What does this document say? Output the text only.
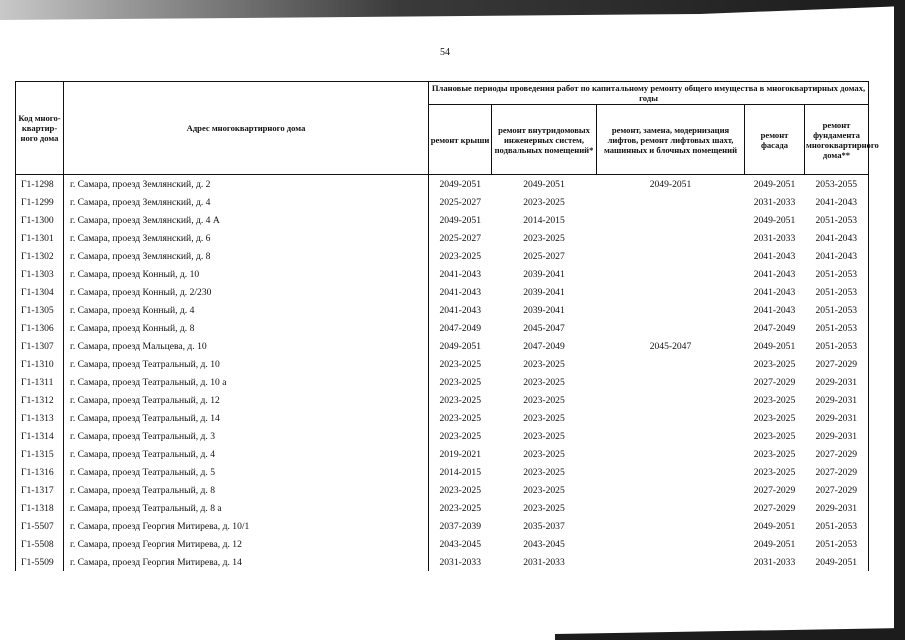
54
Код много-квартир-ного дома	Адрес многоквартирного дома	Плановые периоды проведения работ по капитальному ремонту общего имущества в многоквартирных домах, годы				
		ремонт крыши	ремонт внутридомовых инженерных систем, подвальных помещений*	ремонт, замена, модернизация лифтов, ремонт лифтовых шахт, машинных и блочных помещений	ремонт фасада	ремонт фундамента многоквартирного дома**
Г1-1298	г. Самара, проезд Землянский, д. 2	2049-2051	2049-2051	2049-2051	2049-2051	2053-2055
Г1-1299	г. Самара, проезд Землянский, д. 4	2025-2027	2023-2025		2031-2033	2041-2043
Г1-1300	г. Самара, проезд Землянский, д. 4 А	2049-2051	2014-2015		2049-2051	2051-2053
Г1-1301	г. Самара, проезд Землянский, д. 6	2025-2027	2023-2025		2031-2033	2041-2043
Г1-1302	г. Самара, проезд Землянский, д. 8	2023-2025	2025-2027		2041-2043	2041-2043
Г1-1303	г. Самара, проезд Конный, д. 10	2041-2043	2039-2041		2041-2043	2051-2053
Г1-1304	г. Самара, проезд Конный, д. 2/230	2041-2043	2039-2041		2041-2043	2051-2053
Г1-1305	г. Самара, проезд Конный, д. 4	2041-2043	2039-2041		2041-2043	2051-2053
Г1-1306	г. Самара, проезд Конный, д. 8	2047-2049	2045-2047		2047-2049	2051-2053
Г1-1307	г. Самара, проезд Мальцева, д. 10	2049-2051	2047-2049	2045-2047	2049-2051	2051-2053
Г1-1310	г. Самара, проезд Театральный, д. 10	2023-2025	2023-2025		2023-2025	2027-2029
Г1-1311	г. Самара, проезд Театральный, д. 10 а	2023-2025	2023-2025		2027-2029	2029-2031
Г1-1312	г. Самара, проезд Театральный, д. 12	2023-2025	2023-2025		2023-2025	2029-2031
Г1-1313	г. Самара, проезд Театральный, д. 14	2023-2025	2023-2025		2023-2025	2029-2031
Г1-1314	г. Самара, проезд Театральный, д. 3	2023-2025	2023-2025		2023-2025	2029-2031
Г1-1315	г. Самара, проезд Театральный, д. 4	2019-2021	2023-2025		2023-2025	2027-2029
Г1-1316	г. Самара, проезд Театральный, д. 5	2014-2015	2023-2025		2023-2025	2027-2029
Г1-1317	г. Самара, проезд Театральный, д. 8	2023-2025	2023-2025		2027-2029	2027-2029
Г1-1318	г. Самара, проезд Театральный, д. 8 а	2023-2025	2023-2025		2027-2029	2029-2031
Г1-5507	г. Самара, проезд Георгия Митирева, д. 10/1	2037-2039	2035-2037		2049-2051	2051-2053
Г1-5508	г. Самара, проезд Георгия Митирева, д. 12	2043-2045	2043-2045		2049-2051	2051-2053
Г1-5509	г. Самара, проезд Георгия Митирева, д. 14	2031-2033	2031-2033		2031-2033	2049-2051
